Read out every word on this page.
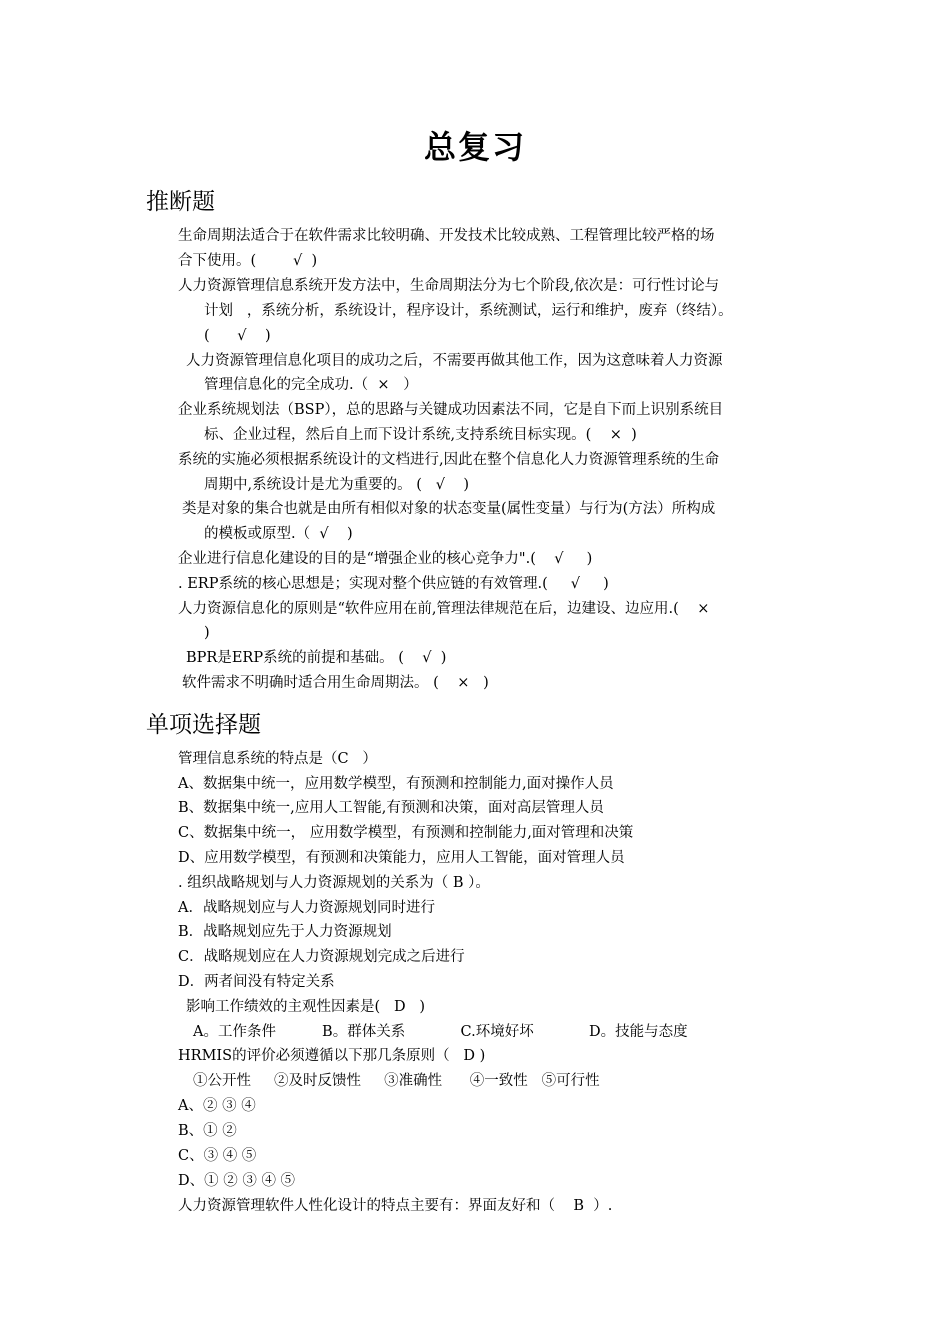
总复习
推断题
生命周期法适合于在软件需求比较明确、开发技术比较成熟、工程管理比较严格的场
合下使用。(        √  )
人力资源管理信息系统开发方法中，生命周期法分为七个阶段,依次是：可行性讨论与
计划   ，系统分析，系统设计，程序设计，系统测试，运行和维护，废弃（终结）。
(      √    )
人力资源管理信息化项目的成功之后，不需要再做其他工作，因为这意味着人力资源
管理信息化的完全成功.（  ×   ）
企业系统规划法（BSP），总的思路与关键成功因素法不同，它是自下而上识别系统目
标、企业过程，然后自上而下设计系统,支持系统目标实现。(    ×  )
系统的实施必须根据系统设计的文档进行,因此在整个信息化人力资源管理系统的生命
周期中,系统设计是尤为重要的。 (   √    )
类是对象的集合也就是由所有相似对象的状态变量(属性变量）与行为(方法）所构成
的模板或原型.（  √    )
企业进行信息化建设的目的是“增强企业的核心竞争力".(    √     )
. ERP系统的核心思想是；实现对整个供应链的有效管理.(     √     )
人力资源信息化的原则是“软件应用在前,管理法律规范在后，边建设、边应用.(    ×
)
BPR是ERP系统的前提和基础。 (    √  )
软件需求不明确时适合用生命周期法。 (    ×   )
单项选择题
管理信息系统的特点是（C   ）
A、数据集中统一，应用数学模型，有预测和控制能力,面对操作人员
B、数据集中统一,应用人工智能,有预测和决策，面对高层管理人员
C、数据集中统一， 应用数学模型，有预测和控制能力,面对管理和决策
D、应用数学模型，有预测和决策能力，应用人工智能，面对管理人员
. 组织战略规划与人力资源规划的关系为（ B ）。
A．战略规划应与人力资源规划同时进行
B．战略规划应先于人力资源规划
C．战略规划应在人力资源规划完成之后进行
D．两者间没有特定关系
影响工作绩效的主观性因素是(   D   )
A。工作条件          B。群体关系            C.环境好坏            D。技能与态度
HRMIS的评价必须遵循以下那几条原则（   D )
①公开性     ②及时反馈性     ③准确性      ④一致性   ⑤可行性
A、② ③ ④
B、① ②
C、③ ④ ⑤
D、① ② ③ ④ ⑤
人力资源管理软件人性化设计的特点主要有：界面友好和（    B  ）.
